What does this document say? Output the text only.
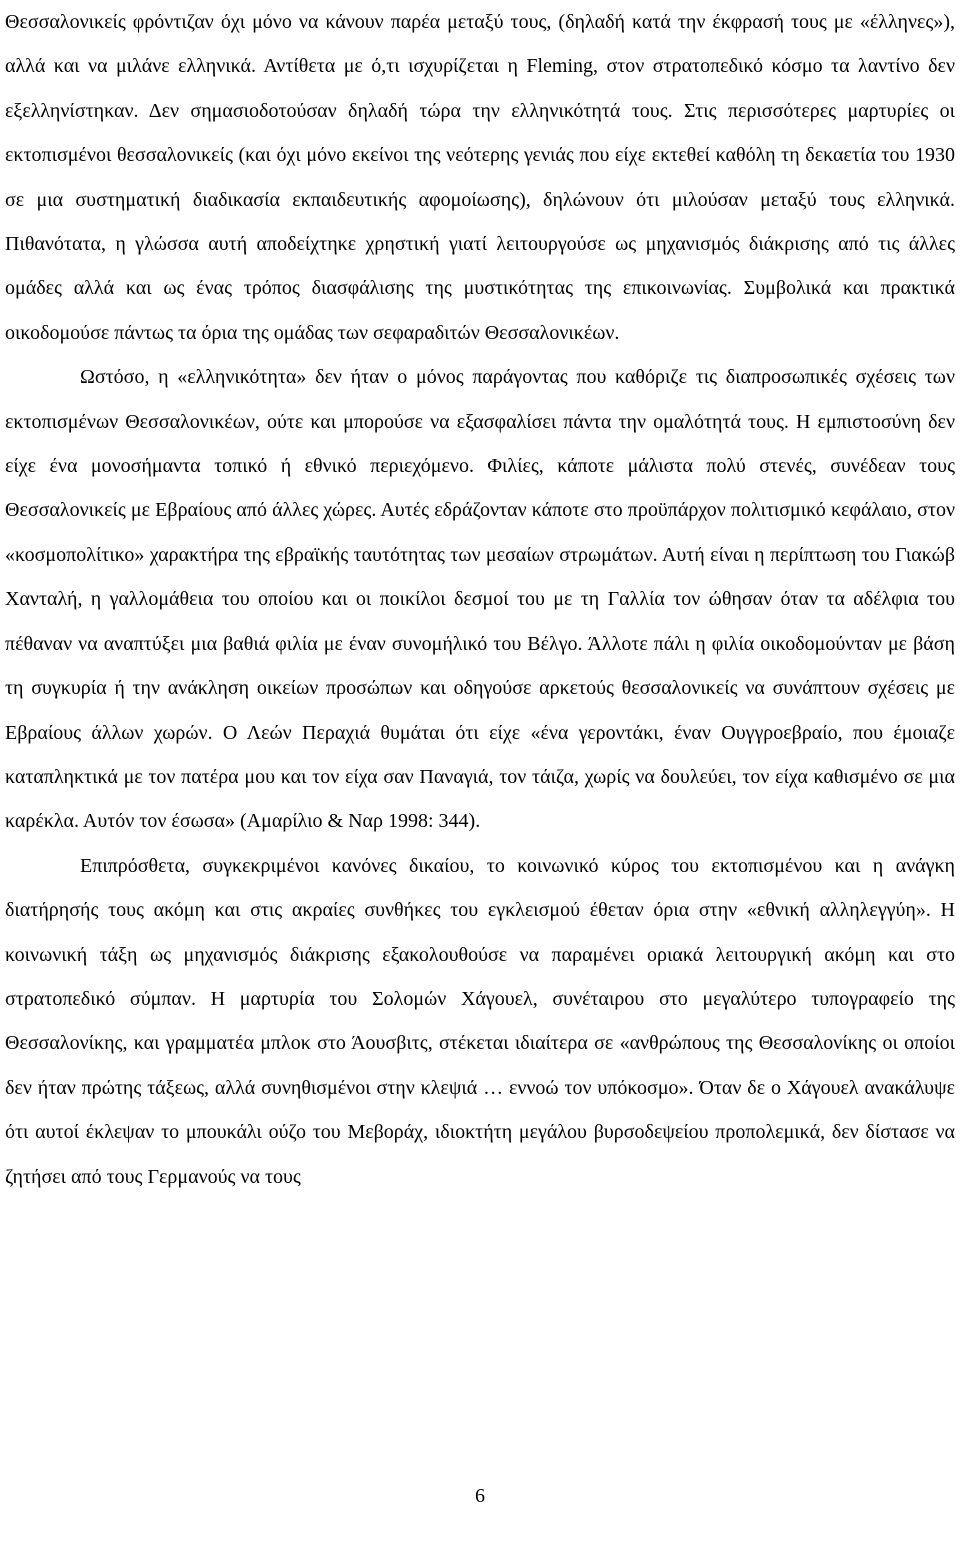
Θεσσαλονικείς φρόντιζαν όχι μόνο να κάνουν παρέα μεταξύ τους, (δηλαδή κατά την έκφρασή τους με «έλληνες»), αλλά και να μιλάνε ελληνικά. Αντίθετα με ό,τι ισχυρίζεται η Fleming, στον στρατοπεδικό κόσμο τα λαντίνο δεν εξελληνίστηκαν. Δεν σημασιοδοτούσαν δηλαδή τώρα την ελληνικότητά τους. Στις περισσότερες μαρτυρίες οι εκτοπισμένοι θεσσαλονικείς (και όχι μόνο εκείνοι της νεότερης γενιάς που είχε εκτεθεί καθόλη τη δεκαετία του 1930 σε μια συστηματική διαδικασία εκπαιδευτικής αφομοίωσης), δηλώνουν ότι μιλούσαν μεταξύ τους ελληνικά. Πιθανότατα, η γλώσσα αυτή αποδείχτηκε χρηστική γιατί λειτουργούσε ως μηχανισμός διάκρισης από τις άλλες ομάδες αλλά και ως ένας τρόπος διασφάλισης της μυστικότητας της επικοινωνίας. Συμβολικά και πρακτικά οικοδομούσε πάντως τα όρια της ομάδας των σεφαραδιτών Θεσσαλονικέων.

Ωστόσο, η «ελληνικότητα» δεν ήταν ο μόνος παράγοντας που καθόριζε τις διαπροσωπικές σχέσεις των εκτοπισμένων Θεσσαλονικέων, ούτε και μπορούσε να εξασφαλίσει πάντα την ομαλότητά τους. Η εμπιστοσύνη δεν είχε ένα μονοσήμαντα τοπικό ή εθνικό περιεχόμενο. Φιλίες, κάποτε μάλιστα πολύ στενές, συνέδεαν τους Θεσσαλονικείς με Εβραίους από άλλες χώρες. Αυτές εδράζονταν κάποτε στο προϋπάρχον πολιτισμικό κεφάλαιο, στον «κοσμοπολίτικο» χαρακτήρα της εβραϊκής ταυτότητας των μεσαίων στρωμάτων. Αυτή είναι η περίπτωση του Γιακώβ Χανταλή, η γαλλομάθεια του οποίου και οι ποικίλοι δεσμοί του με τη Γαλλία τον ώθησαν όταν τα αδέλφια του πέθαναν να αναπτύξει μια βαθιά φιλία με έναν συνομήλικό του Βέλγο. Άλλοτε πάλι η φιλία οικοδομούνταν με βάση τη συγκυρία ή την ανάκληση οικείων προσώπων και οδηγούσε αρκετούς θεσσαλονικείς να συνάπτουν σχέσεις με Εβραίους άλλων χωρών. Ο Λεών Περαχιά θυμάται ότι είχε «ένα γεροντάκι, έναν Ουγγροεβραίο, που έμοιαζε καταπληκτικά με τον πατέρα μου και τον είχα σαν Παναγιά, τον τάιζα, χωρίς να δουλεύει, τον είχα καθισμένο σε μια καρέκλα. Αυτόν τον έσωσα» (Αμαρίλιο & Ναρ 1998: 344).

Επιπρόσθετα, συγκεκριμένοι κανόνες δικαίου, το κοινωνικό κύρος του εκτοπισμένου και η ανάγκη διατήρησής τους ακόμη και στις ακραίες συνθήκες του εγκλεισμού έθεταν όρια στην «εθνική αλληλεγγύη». Η κοινωνική τάξη ως μηχανισμός διάκρισης εξακολουθούσε να παραμένει οριακά λειτουργική ακόμη και στο στρατοπεδικό σύμπαν. Η μαρτυρία του Σολομών Χάγουελ, συνέταιρου στο μεγαλύτερο τυπογραφείο της Θεσσαλονίκης, και γραμματέα μπλοκ στο Άουσβιτς, στέκεται ιδιαίτερα σε «ανθρώπους της Θεσσαλονίκης οι οποίοι δεν ήταν πρώτης τάξεως, αλλά συνηθισμένοι στην κλεψιά … εννοώ τον υπόκοσμο». Όταν δε ο Χάγουελ ανακάλυψε ότι αυτοί έκλεψαν το μπουκάλι ούζο του Μεβοράχ, ιδιοκτήτη μεγάλου βυρσοδεψείου προπολεμικά, δεν δίστασε να ζητήσει από τους Γερμανούς να τους

6
